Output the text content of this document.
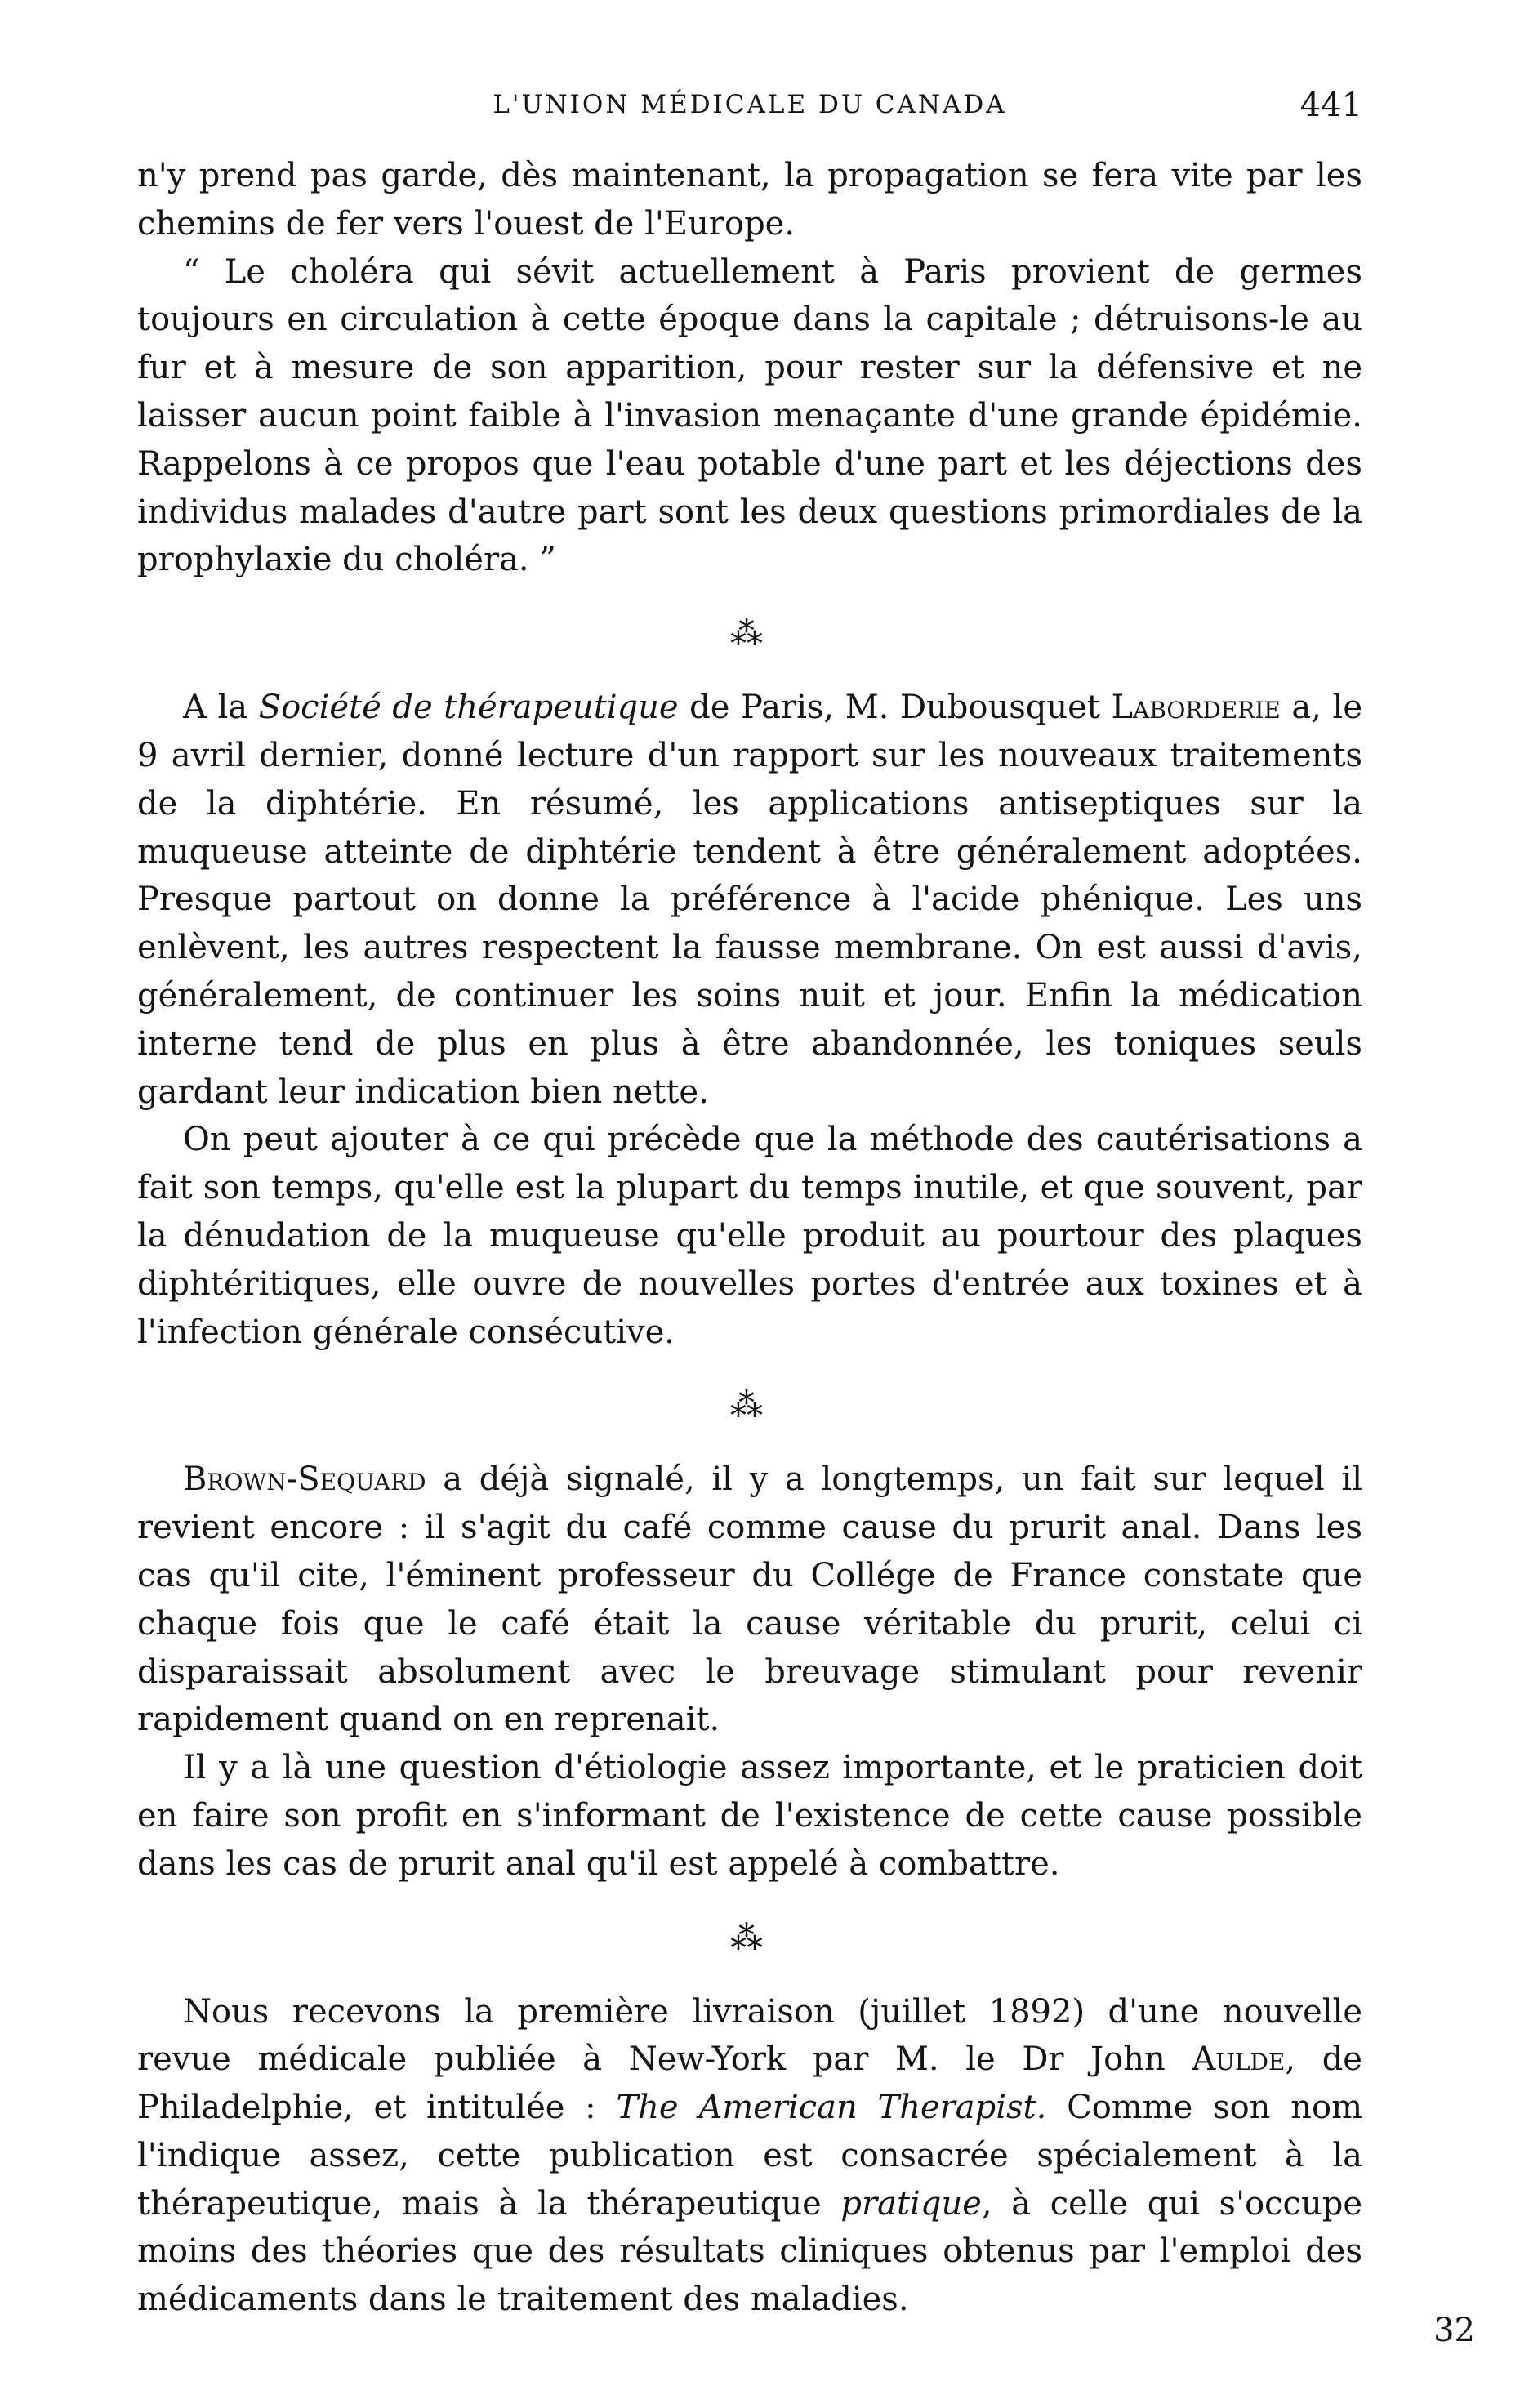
L'UNION MÉDICALE DU CANADA	441

n'y prend pas garde, dès maintenant, la propagation se fera vite par les chemins de fer vers l'ouest de l'Europe.

“ Le choléra qui sévit actuellement à Paris provient de germes toujours en circulation à cette époque dans la capitale ; détruisons-le au fur et à mesure de son apparition, pour rester sur la défensive et ne laisser aucun point faible à l'invasion menaçante d'une grande épidémie. Rappelons à ce propos que l'eau potable d'une part et les déjections des individus malades d'autre part sont les deux questions primordiales de la prophylaxie du choléra. ”

⁂

A la Société de thérapeutique de Paris, M. Dubousquet Laborderie a, le 9 avril dernier, donné lecture d'un rapport sur les nouveaux traitements de la diphtérie. En résumé, les applications antiseptiques sur la muqueuse atteinte de diphtérie tendent à être généralement adoptées. Presque partout on donne la préférence à l'acide phénique. Les uns enlèvent, les autres respectent la fausse membrane. On est aussi d'avis, généralement, de continuer les soins nuit et jour. Enfin la médication interne tend de plus en plus à être abandonnée, les toniques seuls gardant leur indication bien nette.

On peut ajouter à ce qui précède que la méthode des cautérisations a fait son temps, qu'elle est la plupart du temps inutile, et que souvent, par la dénudation de la muqueuse qu'elle produit au pourtour des plaques diphtéritiques, elle ouvre de nouvelles portes d'entrée aux toxines et à l'infection générale consécutive.

⁂

Brown-Sequard a déjà signalé, il y a longtemps, un fait sur lequel il revient encore : il s'agit du café comme cause du prurit anal. Dans les cas qu'il cite, l'éminent professeur du Collége de France constate que chaque fois que le café était la cause véritable du prurit, celui ci disparaissait absolument avec le breuvage stimulant pour revenir rapidement quand on en reprenait.

Il y a là une question d'étiologie assez importante, et le praticien doit en faire son profit en s'informant de l'existence de cette cause possible dans les cas de prurit anal qu'il est appelé à combattre.

⁂

Nous recevons la première livraison (juillet 1892) d'une nouvelle revue médicale publiée à New-York par M. le Dr John Aulde, de Philadelphie, et intitulée : The American Therapist. Comme son nom l'indique assez, cette publication est consacrée spécialement à la thérapeutique, mais à la thérapeutique pratique, à celle qui s'occupe moins des théories que des résultats cliniques obtenus par l'emploi des médicaments dans le traitement des maladies.

32
